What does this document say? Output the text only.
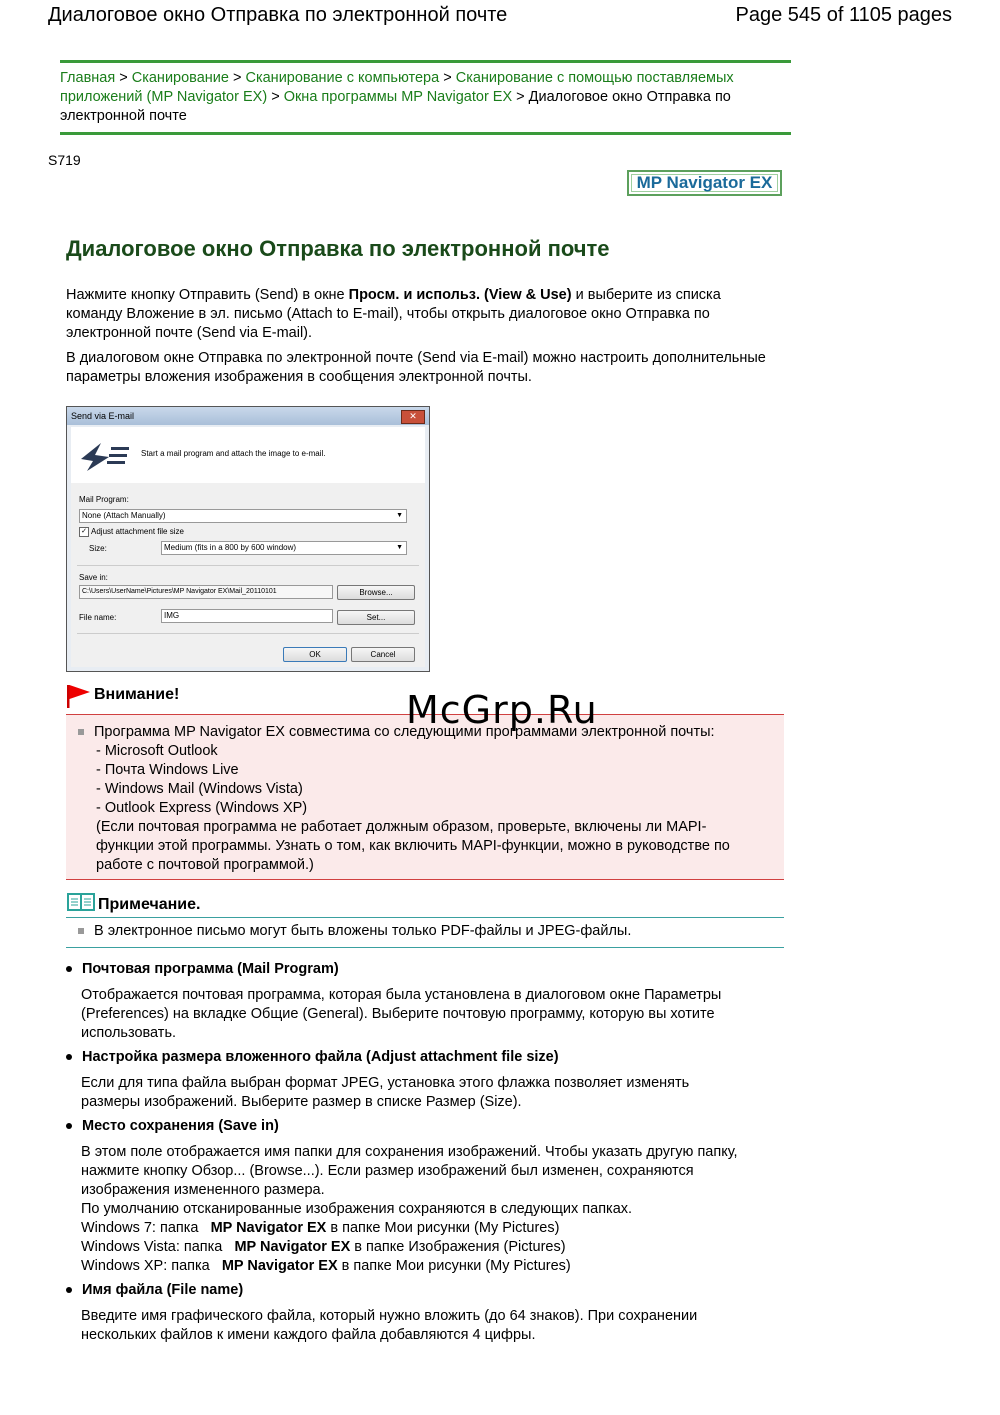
Диалоговое окно Отправка по электронной почте	Page 545 of 1105 pages
Главная > Сканирование > Сканирование с компьютера > Сканирование с помощью поставляемых приложений (MP Navigator EX) > Окна программы MP Navigator EX > Диалоговое окно Отправка по электронной почте
S719
MP Navigator EX
Диалоговое окно Отправка по электронной почте
Нажмите кнопку Отправить (Send) в окне Просм. и использ. (View & Use) и выберите из списка команду Вложение в эл. письмо (Attach to E-mail), чтобы открыть диалоговое окно Отправка по электронной почте (Send via E-mail).
В диалоговом окне Отправка по электронной почте (Send via E-mail) можно настроить дополнительные параметры вложения изображения в сообщения электронной почты.
Send via E-mail	✕
Start a mail program and attach the image to e-mail.
Mail Program:
None (Attach Manually)	▼
✓ Adjust attachment file size
Size:	Medium (fits in a 800 by 600 window)	▼
Save in:
C:\Users\UserName\Pictures\MP Navigator EX\Mail_20110101	Browse...
File name:	IMG	Set...
OK	Cancel
Программа MP Navigator EX совместима со следующими программами электронной почты:
- Microsoft Outlook
- Почта Windows Live
- Windows Mail (Windows Vista)
- Outlook Express (Windows XP)
(Если почтовая программа не работает должным образом, проверьте, включены ли MAPI-
функции этой программы. Узнать о том, как включить MAPI-функции, можно в руководстве по
работе с почтовой программой.)
Внимание!	McGrp.Ru
Примечание.
В электронное письмо могут быть вложены только PDF-файлы и JPEG-файлы.
Почтовая программа (Mail Program)
Отображается почтовая программа, которая была установлена в диалоговом окне Параметры
(Preferences) на вкладке Общие (General). Выберите почтовую программу, которую вы хотите
использовать.
Настройка размера вложенного файла (Adjust attachment file size)
Если для типа файла выбран формат JPEG, установка этого флажка позволяет изменять
размеры изображений. Выберите размер в списке Размер (Size).
Место сохранения (Save in)
В этом поле отображается имя папки для сохранения изображений. Чтобы указать другую папку,
нажмите кнопку Обзор... (Browse...). Если размер изображений был изменен, сохраняются
изображения измененного размера.
По умолчанию отсканированные изображения сохраняются в следующих папках.
Windows 7: папка MP Navigator EX в папке Мои рисунки (My Pictures)
Windows Vista: папка MP Navigator EX в папке Изображения (Pictures)
Windows XP: папка MP Navigator EX в папке Мои рисунки (My Pictures)
Имя файла (File name)
Введите имя графического файла, который нужно вложить (до 64 знаков). При сохранении
нескольких файлов к имени каждого файла добавляются 4 цифры.
